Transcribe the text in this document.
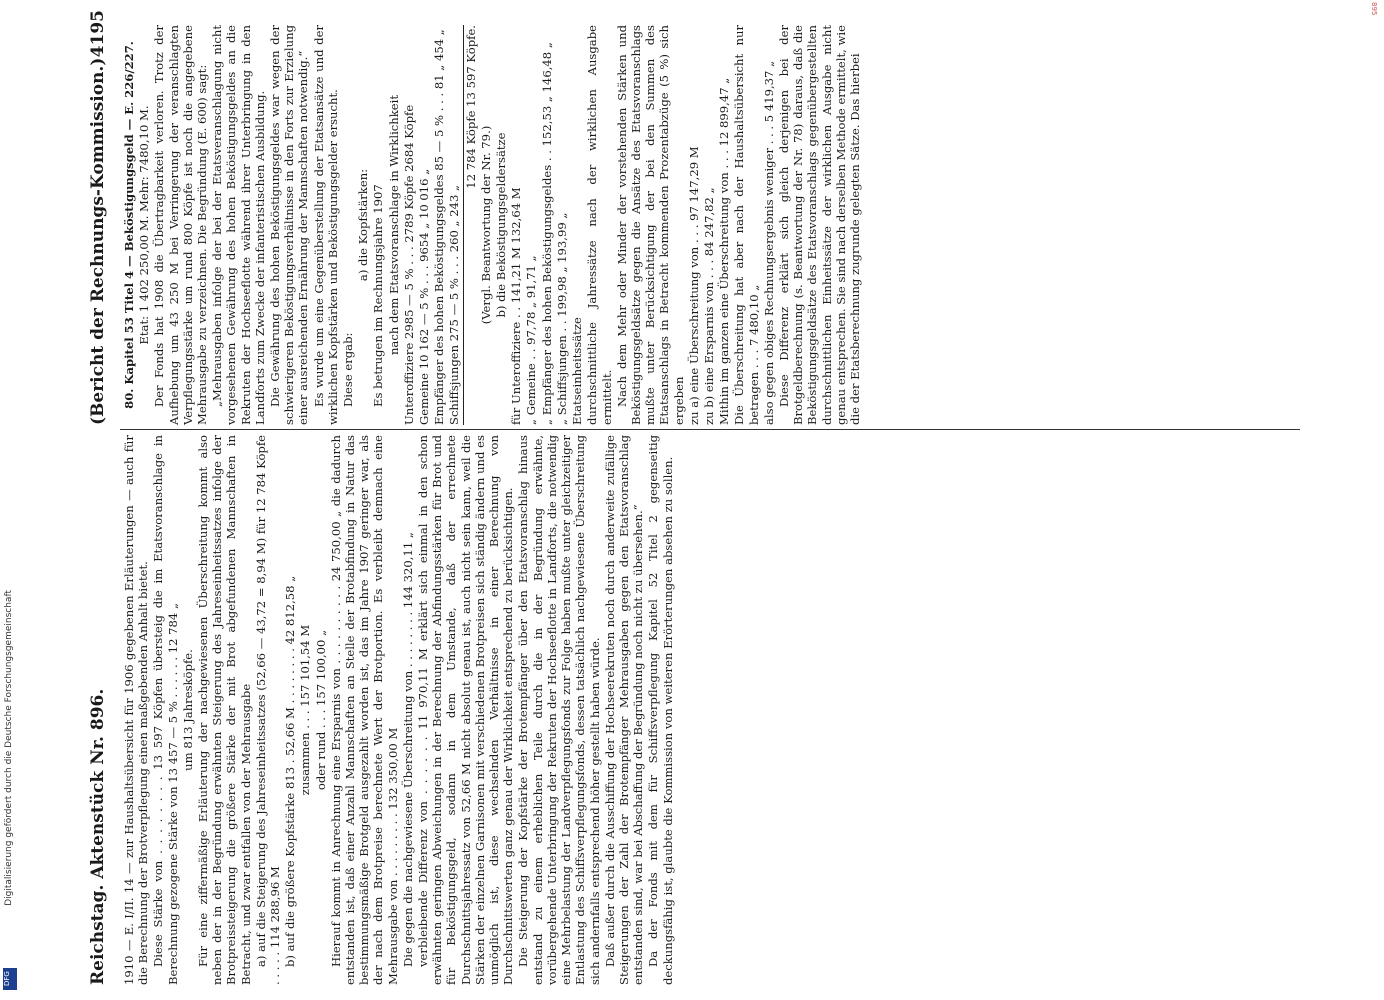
Reichstag. Aktenstück Nr. 896.
(Bericht der Rechnungs-Kommission.)
4195

1910 — E. I/II. 14 — zur Haushaltsübersicht für 1906 gegebenen Erläuterungen — auch für die Berechnung der Brotverpflegung einen maßgebenden Anhalt bietet. Diese Stärke von . . . . . . . . 13 597 Köpfen übersteig die im Etatsvoranschlage in Berechnung gezogene Stärke von 13 457 — 5 % . . . . . . 12 784 „ um 813 Jahresköpfe. Für eine ziffermäßige Erläuterung der nachgewiesenen Überschreitung kommt also neben der in der Begründung erwähnten Steigerung des Jahreseinheitssatzes infolge der Brotpreissteigerung die größere Stärke der mit Brot abgefundenen Mannschaften in Betracht, und zwar entfallen von der Mehrausgabe a) auf die Steigerung des Jahreseinheitssatzes (52,66 — 43,72 = 8,94 M) für 12 784 Köpfe . . . . . 114 288,96 M b) auf die größere Kopfstärke 813 . 52,66 M . . . . . . . . 42 812,58 „ zusammen . . . 157 101,54 M oder rund . . . 157 100,00 „ Hierauf kommt in Anrechnung eine Ersparnis von . . . . . . . . . . 24 750,00 „ die dadurch entstanden ist, daß einer Anzahl Mannschaften an Stelle der Brotabfindung in Natur das bestimmungsmäßige Brotgeld ausgezahlt worden ist, das im Jahre 1907 geringer war, als der nach dem Brotpreise berechnete Wert der Brotportion. Es verbleibt demnach eine Mehrausgabe von . . . . . . . . . 132 350,00 M Die gegen die nachgewiesene Überschreitung von . . . . . . . . 144 320,11 „ verbleibende Differenz von . . . . . . 11 970,11 M erklärt sich einmal in den schon erwähnten geringen Abweichungen in der Berechnung der Abfindungsstärken für Brot und für Beköstigungsgeld, sodann in dem Umstande, daß der errechnete Durchschnittsjahressatz von 52,66 M nicht absolut genau ist, auch nicht sein kann, weil die Stärken der einzelnen Garnisonen mit verschiedenen Brotpreisen sich ständig ändern und es unmöglich ist, diese wechselnden Verhältnisse in einer Berechnung von Durchschnittswerten ganz genau der Wirklichkeit entsprechend zu berücksichtigen. Die Steigerung der Kopfstärke der Brotempfänger über den Etatsvoranschlag hinaus entstand zu einem erheblichen Teile durch die in der Begründung erwähnte, vorübergehende Unterbringung der Rekruten der Hochseeflotte in Landforts, die notwendig eine Mehrbelastung der Landverpflegungsfonds zur Folge haben mußte unter gleichzeitiger Entlastung des Schiffsverpflegungsfonds, dessen tatsächlich nachgewiesene Überschreitung sich andernfalls entsprechend höher gestellt haben würde. Daß außer durch die Ausschiffung der Hochseerekruten noch durch anderweite zufällige Steigerungen der Zahl der Brotempfänger Mehrausgaben gegen den Etatsvoranschlag entstanden sind, war bei Abschaffung der Begründung noch nicht zu übersehen.“ Da der Fonds mit dem für Schiffsverpflegung Kapitel 52 Titel 2 gegenseitig deckungsfähig ist, glaubte die Kommission von weiteren Erörterungen absehen zu sollen.

80. Kapitel 53 Titel 4 — Beköstigungsgeld — E. 226/227. Etat: 1 402 250,00 M. Mehr: 7480,10 M. Der Fonds hat 1908 die Übertragbarkeit verloren. Trotz der Aufhebung um 43 250 M bei Verringerung der veranschlagten Verpflegungsstärke um rund 800 Köpfe ist noch die angegebene Mehrausgabe zu verzeichnen. Die Begründung (E. 600) sagt: „Mehrausgaben infolge der bei der Etatsveranschlagung nicht vorgesehenen Gewährung des hohen Beköstigungsgeldes an die Rekruten der Hochseeflotte während ihrer Unterbringung in den Landforts zum Zwecke der infanteristischen Ausbildung. Die Gewährung des hohen Beköstigungsgeldes war wegen der schwierigeren Beköstigungsverhältnisse in den Forts zur Erzielung einer ausreichenden Ernährung der Mannschaften notwendig.“ Es wurde um eine Gegenüberstellung der Etatsansätze und der wirklichen Kopfstärken und Beköstigungsgelder ersucht. Diese ergab:

a) die Kopfstärken: Es betrugen im Rechnungsjahre 1907 nach dem Etatsvoranschlage in Wirklichkeit Unteroffiziere 2985 — 5 % . . . 2789 Köpfe 2684 Köpfe Gemeine 10 162 — 5 % . . . 9654 „ 10 016 „ Empfänger des hohen Beköstigungsgeldes 85 — 5 % . . . 81 „ 454 „ Schiffsjungen 275 — 5 % . . . 260 „ 243 „

12 784 Köpfe 13 597 Köpfe.

(Vergl. Beantwortung der Nr. 79.) b) die Beköstigungsgeldersätze für Unteroffiziere . . 141,21 M 132,64 M „ Gemeine . . 97,78 „ 91,71 „ „ Empfänger des hohen Beköstigungsgeldes . . 152,53 „ 146,48 „ „ Schiffsjungen . . 199,98 „ 193,99 „ Etatseinheitssätze durchschnittliche Jahressätze nach der wirklichen Ausgabe ermittelt. Nach dem Mehr oder Minder der vorstehenden Stärken und Beköstigungsgeldsätze gegen die Ansätze des Etatsvoranschlags mußte unter Berücksichtigung der bei den Summen des Etatsanschlags in Betracht kommenden Prozentabzüge (5 %) sich ergeben zu a) eine Überschreitung von . . . 97 147,29 M zu b) eine Ersparnis von . . . 84 247,82 „ Mithin im ganzen eine Überschreitung von . . . 12 899,47 „ Die Überschreitung hat aber nach der Haushaltsübersicht nur betragen . . . 7 480,10 „ also gegen obiges Rechnungsergebnis weniger . . . 5 419,37 „ Diese Differenz erklärt sich gleich derjenigen bei der Brotgeldberechnung (s. Beantwortung der Nr. 78) daraus, daß die Beköstigungsgeldsätze des Etatsvoranschlags gegenübergestellten durchschnittlichen Einheitssätze der wirklichen Ausgabe nicht genau entsprechen. Sie sind nach derselben Methode ermittelt, wie die der Etatsberechnung zugrunde gelegten Sätze. Das hierbei

Digitalisierung gefördert durch die Deutsche Forschungsgemeinschaft
DFG
895
